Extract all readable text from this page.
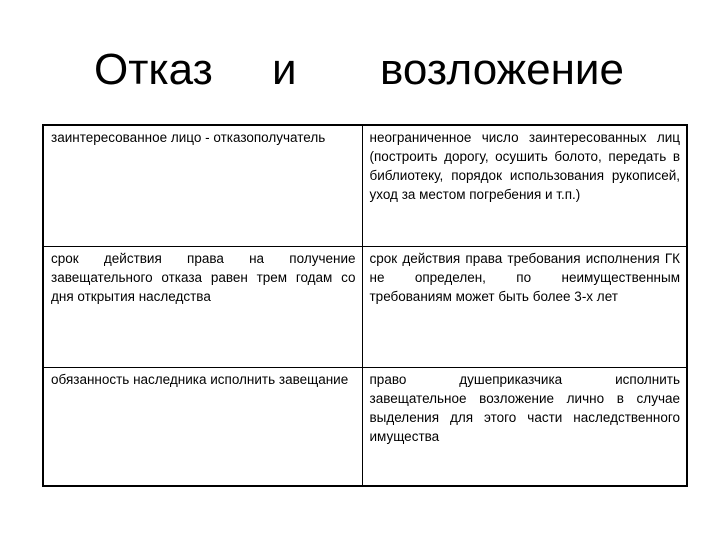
Отказ и возложение
заинтересованное лицо - отказополучатель	неограниченное число заинтересованных лиц (построить дорогу, осушить болото, передать в библиотеку, порядок использования рукописей, уход за местом погребения и т.п.)
срок действия права на получение завещательного отказа равен трем годам со дня открытия наследства	срок действия права требования исполнения ГК не определен, по неимущественным требованиям может быть более 3-х лет
обязанность наследника исполнить завещание	право душеприказчика исполнить завещательное возложение лично в случае выделения для этого части наследственного имущества
